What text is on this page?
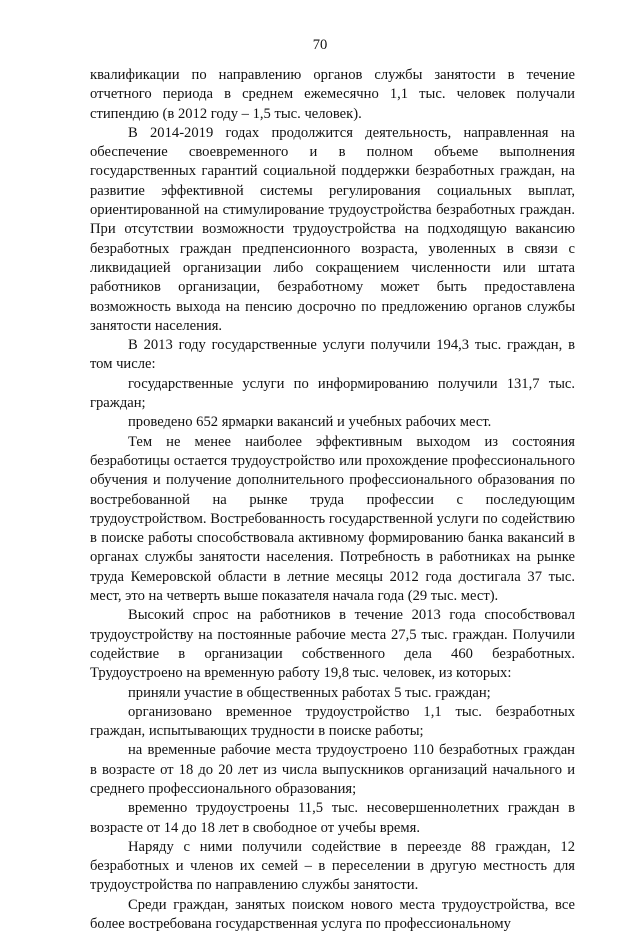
70

квалификации по направлению органов службы занятости в течение отчетного периода в среднем ежемесячно 1,1 тыс. человек получали стипендию (в 2012 году – 1,5 тыс. человек).

В 2014-2019 годах продолжится деятельность, направленная на обеспечение своевременного и в полном объеме выполнения государственных гарантий социальной поддержки безработных граждан, на развитие эффективной системы регулирования социальных выплат, ориентированной на стимулирование трудоустройства безработных граждан. При отсутствии возможности трудоустройства на подходящую вакансию безработных граждан предпенсионного возраста, уволенных в связи с ликвидацией организации либо сокращением численности или штата работников организации, безработному может быть предоставлена возможность выхода на пенсию досрочно по предложению органов службы занятости населения.

В 2013 году государственные услуги получили 194,3 тыс. граждан, в том числе:

государственные услуги по информированию получили 131,7 тыс. граждан;

проведено 652 ярмарки вакансий и учебных рабочих мест.

Тем не менее наиболее эффективным выходом из состояния безработицы остается трудоустройство или прохождение профессионального обучения и получение дополнительного профессионального образования по востребованной на рынке труда профессии с последующим трудоустройством. Востребованность государственной услуги по содействию в поиске работы способствовала активному формированию банка вакансий в органах службы занятости населения. Потребность в работниках на рынке труда Кемеровской области в летние месяцы 2012 года достигала 37 тыс. мест, это на четверть выше показателя начала года (29 тыс. мест).

Высокий спрос на работников в течение 2013 года способствовал трудоустройству на постоянные рабочие места 27,5 тыс. граждан. Получили содействие в организации собственного дела 460 безработных. Трудоустроено на временную работу 19,8 тыс. человек, из которых:

приняли участие в общественных работах 5 тыс. граждан;

организовано временное трудоустройство 1,1 тыс. безработных граждан, испытывающих трудности в поиске работы;

на временные рабочие места трудоустроено 110 безработных граждан в возрасте от 18 до 20 лет из числа выпускников организаций начального и среднего профессионального образования;

временно трудоустроены 11,5 тыс. несовершеннолетних граждан в возрасте от 14 до 18 лет в свободное от учебы время.

Наряду с ними получили содействие в переезде 88 граждан, 12 безработных и членов их семей – в переселении в другую местность для трудоустройства по направлению службы занятости.

Среди граждан, занятых поиском нового места трудоустройства, все более востребована государственная услуга по профессиональному
